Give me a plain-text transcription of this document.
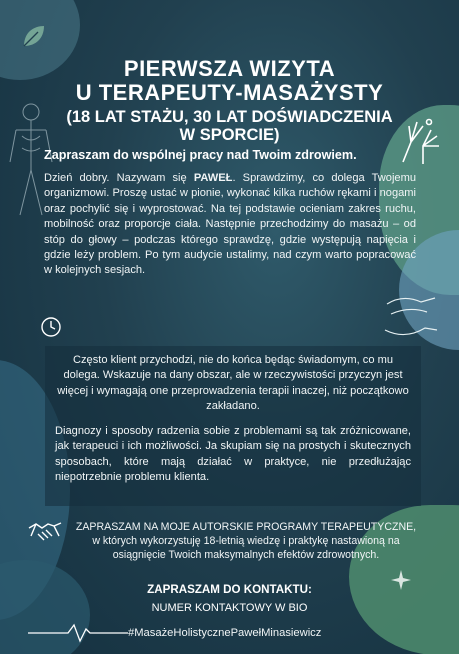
PIERWSZA WIZYTA
U TERAPEUTY-MASAŻYSTY
(18 LAT STAŻU, 30 LAT DOŚWIADCZENIA
W SPORCIE)
Zapraszam do wspólnej pracy nad Twoim zdrowiem.
Dzień dobry. Nazywam się PAWEŁ. Sprawdzimy, co dolega Twojemu organizmowi. Proszę ustać w pionie, wykonać kilka ruchów rękami i nogami oraz pochylić się i wyprostować. Na tej podstawie ocieniam zakres ruchu, mobilność oraz proporcje ciała. Następnie przechodzimy do masażu – od stóp do głowy – podczas którego sprawdzę, gdzie występują napięcia i gdzie leży problem. Po tym audycie ustalimy, nad czym warto popracować w kolejnych sesjach.

Często klient przychodzi, nie do końca będąc świadomym, co mu dolega. Wskazuje na dany obszar, ale w rzeczywistości przyczyn jest więcej i wymagają one przeprowadzenia terapii inaczej, niż początkowo zakładano.

Diagnozy i sposoby radzenia sobie z problemami są tak zróżnicowane, jak terapeuci i ich możliwości. Ja skupiam się na prostych i skutecznych sposobach, które mają działać w praktyce, nie przedłużając niepotrzebnie problemu klienta.

ZAPRASZAM NA MOJE AUTORSKIE PROGRAMY TERAPEUTYCZNE,
w których wykorzystuję 18-letnią wiedzę i praktykę nastawioną na osiągnięcie Twoich maksymalnych efektów zdrowotnych.
ZAPRASZAM DO KONTAKTU:
NUMER KONTAKTOWY W BIO
#MasażeHolistycznePawełMinasiewicz
